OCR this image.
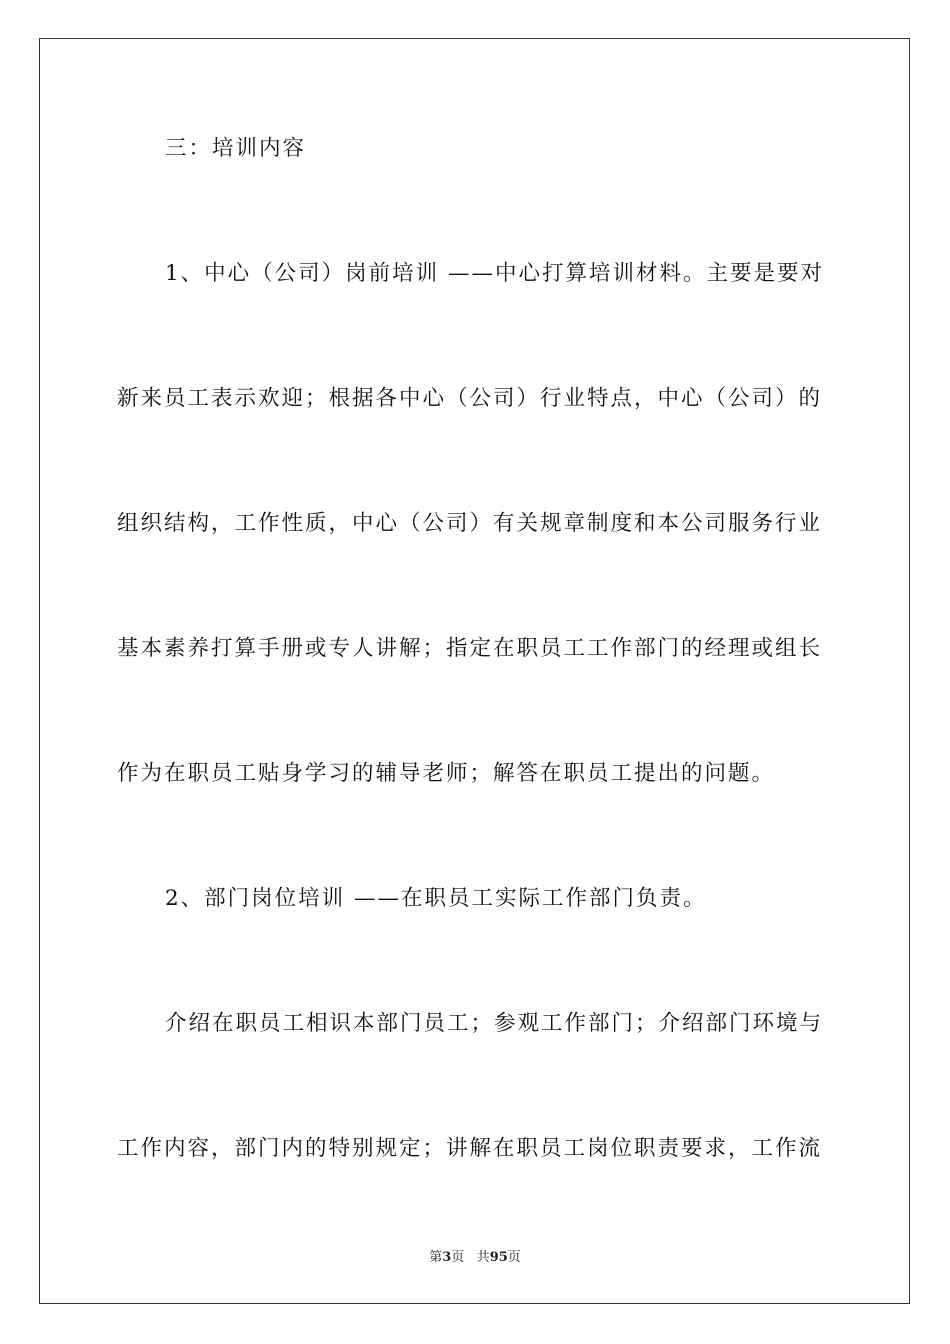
三：培训内容
1、中心（公司）岗前培训 ——中心打算培训材料。主要是要对
新来员工表示欢迎；根据各中心（公司）行业特点，中心（公司）的
组织结构，工作性质，中心（公司）有关规章制度和本公司服务行业
基本素养打算手册或专人讲解；指定在职员工工作部门的经理或组长
作为在职员工贴身学习的辅导老师；解答在职员工提出的问题。
2、部门岗位培训 ——在职员工实际工作部门负责。
介绍在职员工相识本部门员工；参观工作部门；介绍部门环境与
工作内容，部门内的特别规定；讲解在职员工岗位职责要求，工作流
第3页 共95页
